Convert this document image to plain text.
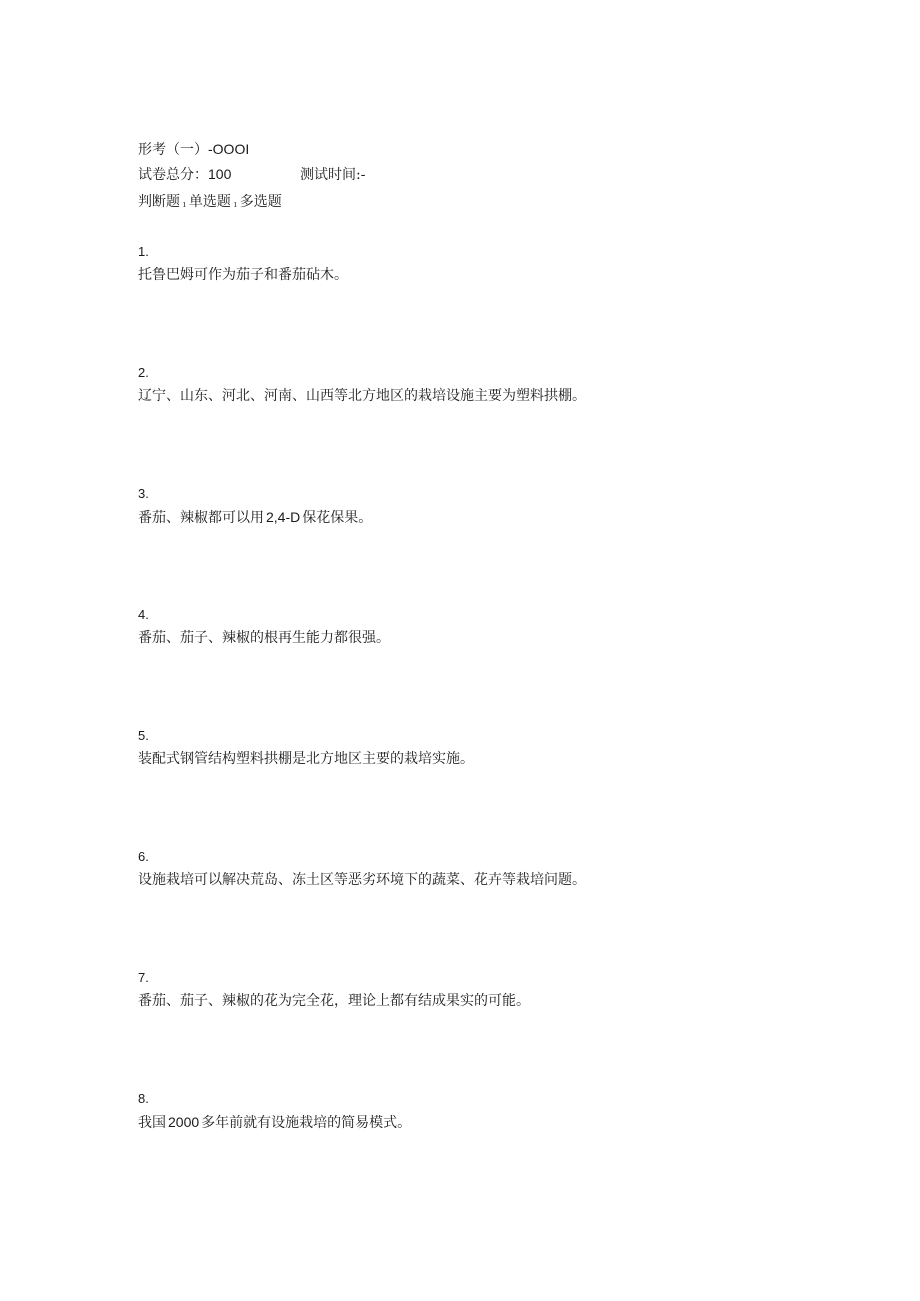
形考（一）-OOOI
试卷总分：100	测试时间:-
判断题 ı 单选题 ı 多选题
1.
托鲁巴姆可作为茄子和番茄砧木。
2.
辽宁、山东、河北、河南、山西等北方地区的栽培设施主要为塑料拱棚。
3.
番茄、辣椒都可以用 2,4-D 保花保果。
4.
番茄、茄子、辣椒的根再生能力都很强。
5.
装配式钢管结构塑料拱棚是北方地区主要的栽培实施。
6.
设施栽培可以解决荒岛、冻土区等恶劣环境下的蔬菜、花卉等栽培问题。
7.
番茄、茄子、辣椒的花为完全花，理论上都有结成果实的可能。
8.
我国 2000 多年前就有设施栽培的简易模式。
